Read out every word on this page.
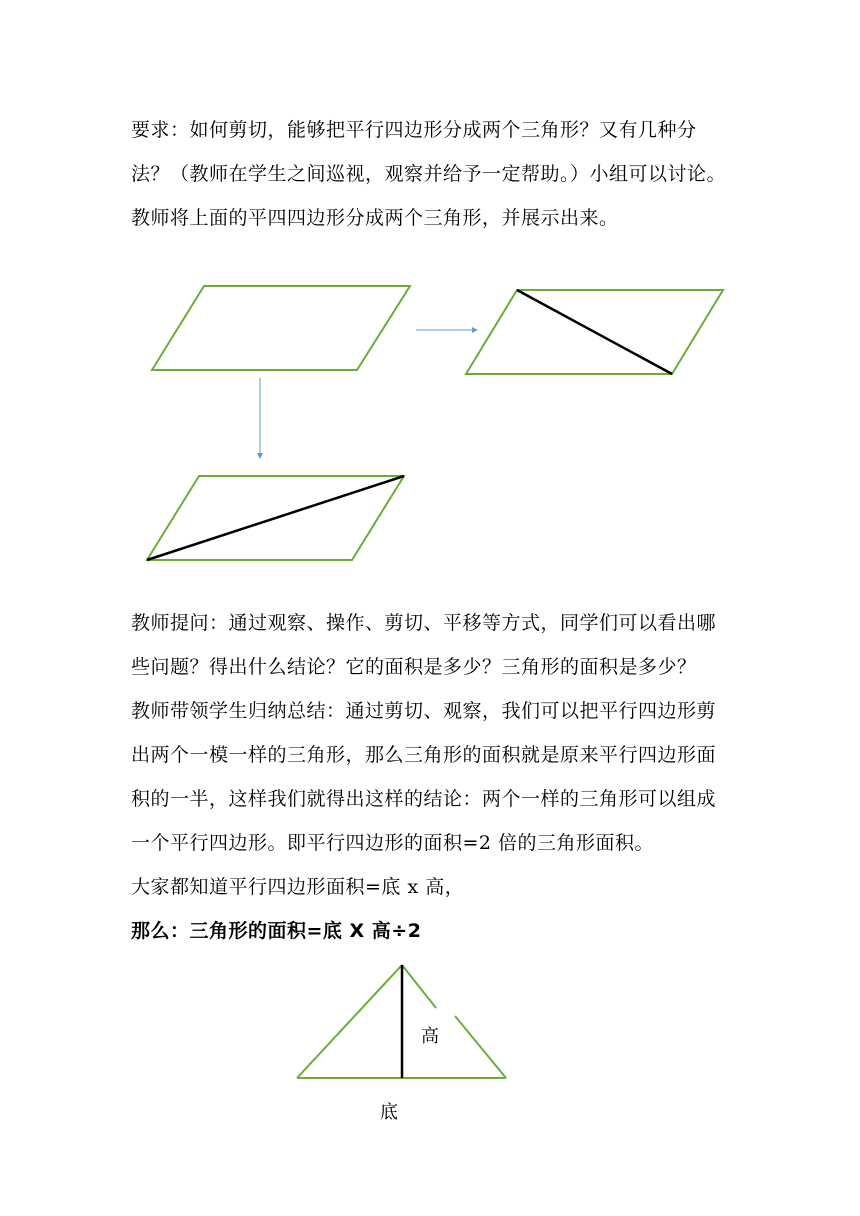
要求：如何剪切，能够把平行四边形分成两个三角形？又有几种分
法？（教师在学生之间巡视，观察并给予一定帮助。）小组可以讨论。
教师将上面的平四四边形分成两个三角形，并展示出来。
教师提问：通过观察、操作、剪切、平移等方式，同学们可以看出哪
些问题？得出什么结论？它的面积是多少？三角形的面积是多少？
教师带领学生归纳总结：通过剪切、观察，我们可以把平行四边形剪
出两个一模一样的三角形，那么三角形的面积就是原来平行四边形面
积的一半，这样我们就得出这样的结论：两个一样的三角形可以组成
一个平行四边形。即平行四边形的面积=2 倍的三角形面积。
大家都知道平行四边形面积=底 x 高，
那么：三角形的面积=底 X 高÷2
高
底
